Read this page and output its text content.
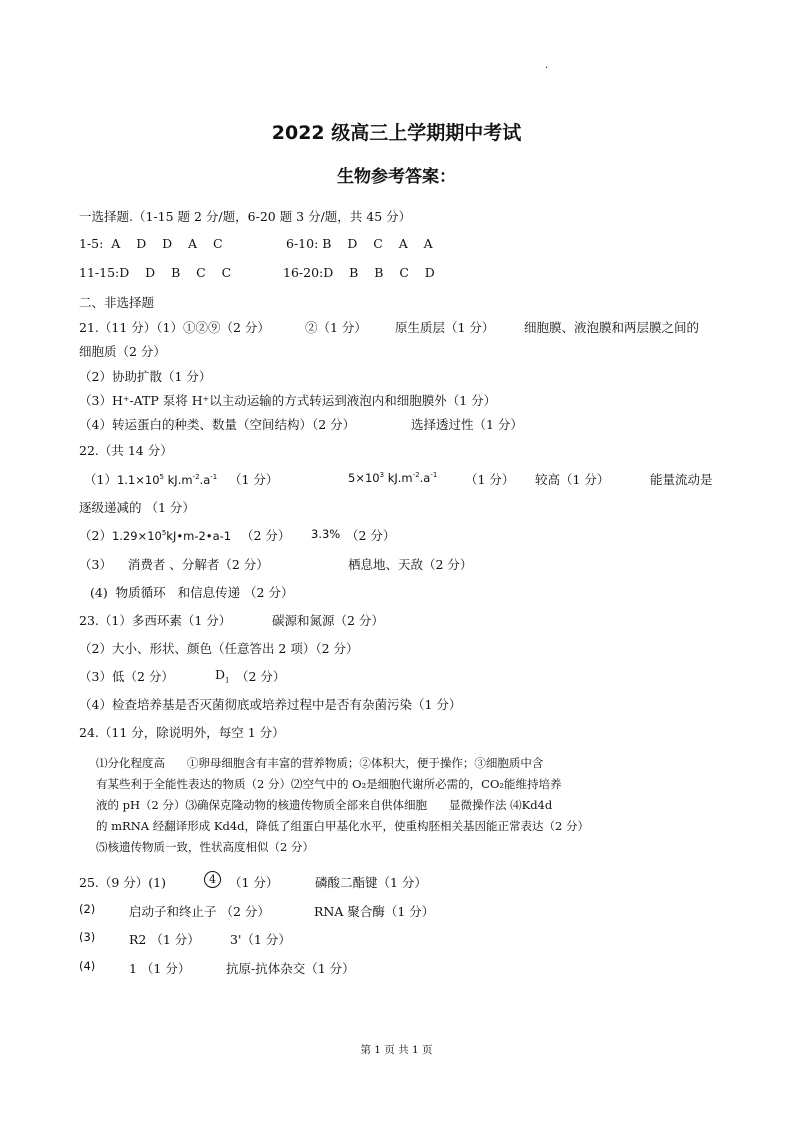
.
2022 级高三上学期期中考试
生物参考答案：
一选择题.（1-15 题 2 分/题，6-20 题 3 分/题，共 45 分）
1-5:  A    D    D    A    C	6-10: B    D    C    A    A
11-15:D    D    B    C    C	16-20:D    B    B    C    D
二、非选择题
21.（11 分）（1）①②⑨（2 分）	②（1 分） 原生质层（1 分） 细胞膜、液泡膜和两层膜之间的
细胞质（2 分）
（2）协助扩散（1 分）
（3）H⁺-ATP 泵将 H⁺以主动运输的方式转运到液泡内和细胞膜外（1 分）
（4）转运蛋白的种类、数量（空间结构）（2 分）	选择透过性（1 分）
22.（共 14 分）
$(1)1.1\times 10^5$ $kJ.m^{-2}.a^{-1}$ （1 分）	$5\times 10^3$ $kJ.m^{-2}.a^{-1}$ （1 分） 较高（1 分）	能量流动是
逐级递减的 （1 分）
$(2)1.29\times 10^5kJ•m-2•a-1$ （2 分） 3.3% （2 分）
（3）    消费者 、分解者（2 分）	栖息地、天敌（2 分）
(4)  物质循环   和信息传递 （2 分）
23.（1）多西环素（1 分）	碳源和氮源（2 分）
（2）大小、形状、颜色（任意答出 2 项）（2 分）
（3）低（2 分）	$D_1$ （2 分）
（4）检查培养基是否灭菌彻底或培养过程中是否有杂菌污染（1 分）
24.（11 分，除说明外，每空 1 分）
⑴分化程度高      ①卵母细胞含有丰富的营养物质；②体积大，便于操作；③细胞质中含
有某些利于全能性表达的物质（2 分）⑵空气中的 O₂是细胞代谢所必需的，CO₂能维持培养
液的 pH（2 分）⑶确保克隆动物的核遗传物质全部来自供体细胞      显微操作法 ⑷Kd4d
的 mRNA 经翻译形成 Kd4d，降低了组蛋白甲基化水平，使重构胚相关基因能正常表达（2 分）
⑸核遗传物质一致，性状高度相似（2 分）
25.（9 分）(1)	4	（1 分）	磷酸二酯键（1 分）
(2)	启动子和终止子 （2 分）	RNA 聚合酶（1 分）
(3)	R2 （1 分） 3'（1 分）
(4)	1 （1 分）	抗原-抗体杂交（1 分）
第 1 页 共 1 页
